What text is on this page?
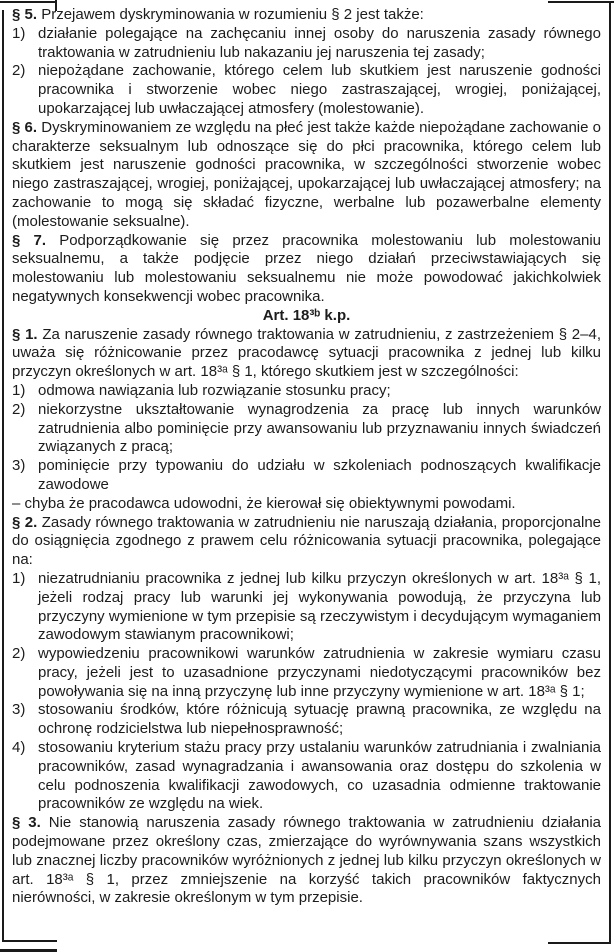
§ 5. Przejawem dyskryminowania w rozumieniu § 2 jest także:

1) działanie polegające na zachęcaniu innej osoby do naruszenia zasady równego traktowania w zatrudnieniu lub nakazaniu jej naruszenia tej zasady;

2) niepożądane zachowanie, którego celem lub skutkiem jest naruszenie godności pracownika i stworzenie wobec niego zastraszającej, wrogiej, poniżającej, upokarzającej lub uwłaczającej atmosfery (molestowanie).

§ 6. Dyskryminowaniem ze względu na płeć jest także każde niepożądane zachowanie o charakterze seksualnym lub odnoszące się do płci pracownika, którego celem lub skutkiem jest naruszenie godności pracownika, w szczególności stworzenie wobec niego zastraszającej, wrogiej, poniżającej, upokarzającej lub uwłaczającej atmosfery; na zachowanie to mogą się składać fizyczne, werbalne lub pozawerbalne elementy (molestowanie seksualne).

§ 7. Podporządkowanie się przez pracownika molestowaniu lub molestowaniu seksualnemu, a także podjęcie przez niego działań przeciwstawiających się molestowaniu lub molestowaniu seksualnemu nie może powodować jakichkolwiek negatywnych konsekwencji wobec pracownika.

Art. 18³ᵇ k.p.

§ 1. Za naruszenie zasady równego traktowania w zatrudnieniu, z zastrzeżeniem § 2–4, uważa się różnicowanie przez pracodawcę sytuacji pracownika z jednej lub kilku przyczyn określonych w art. 18³ᵃ § 1, którego skutkiem jest w szczególności:

1) odmowa nawiązania lub rozwiązanie stosunku pracy;

2) niekorzystne ukształtowanie wynagrodzenia za pracę lub innych warunków zatrudnienia albo pominięcie przy awansowaniu lub przyznawaniu innych świadczeń związanych z pracą;

3) pominięcie przy typowaniu do udziału w szkoleniach podnoszących kwalifikacje zawodowe

– chyba że pracodawca udowodni, że kierował się obiektywnymi powodami.

§ 2. Zasady równego traktowania w zatrudnieniu nie naruszają działania, proporcjonalne do osiągnięcia zgodnego z prawem celu różnicowania sytuacji pracownika, polegające na:

1) niezatrudnianiu pracownika z jednej lub kilku przyczyn określonych w art. 18³ᵃ § 1, jeżeli rodzaj pracy lub warunki jej wykonywania powodują, że przyczyna lub przyczyny wymienione w tym przepisie są rzeczywistym i decydującym wymaganiem zawodowym stawianym pracownikowi;

2) wypowiedzeniu pracownikowi warunków zatrudnienia w zakresie wymiaru czasu pracy, jeżeli jest to uzasadnione przyczynami niedotyczącymi pracowników bez powoływania się na inną przyczynę lub inne przyczyny wymienione w art. 18³ᵃ § 1;

3) stosowaniu środków, które różnicują sytuację prawną pracownika, ze względu na ochronę rodzicielstwa lub niepełnosprawność;

4) stosowaniu kryterium stażu pracy przy ustalaniu warunków zatrudniania i zwalniania pracowników, zasad wynagradzania i awansowania oraz dostępu do szkolenia w celu podnoszenia kwalifikacji zawodowych, co uzasadnia odmienne traktowanie pracowników ze względu na wiek.

§ 3. Nie stanowią naruszenia zasady równego traktowania w zatrudnieniu działania podejmowane przez określony czas, zmierzające do wyrównywania szans wszystkich lub znacznej liczby pracowników wyróżnionych z jednej lub kilku przyczyn określonych w art. 18³ᵃ § 1, przez zmniejszenie na korzyść takich pracowników faktycznych nierówności, w zakresie określonym w tym przepisie.
